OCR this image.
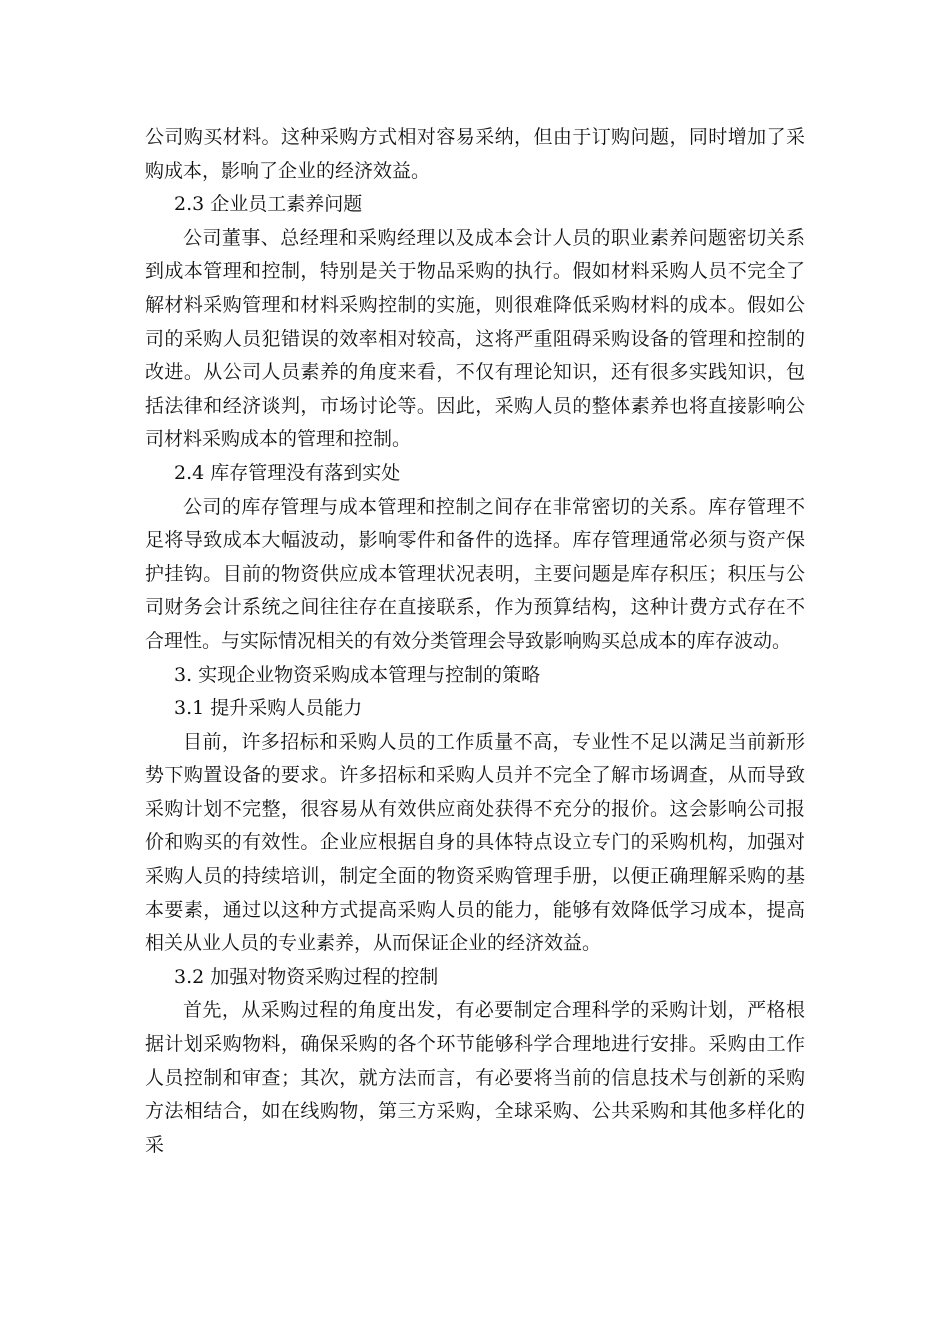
公司购买材料。这种采购方式相对容易采纳，但由于订购问题，同时增加了采购成本，影响了企业的经济效益。

2.3 企业员工素养问题

公司董事、总经理和采购经理以及成本会计人员的职业素养问题密切关系到成本管理和控制，特别是关于物品采购的执行。假如材料采购人员不完全了解材料采购管理和材料采购控制的实施，则很难降低采购材料的成本。假如公司的采购人员犯错误的效率相对较高，这将严重阻碍采购设备的管理和控制的改进。从公司人员素养的角度来看，不仅有理论知识，还有很多实践知识，包括法律和经济谈判，市场讨论等。因此，采购人员的整体素养也将直接影响公司材料采购成本的管理和控制。

2.4 库存管理没有落到实处

公司的库存管理与成本管理和控制之间存在非常密切的关系。库存管理不足将导致成本大幅波动，影响零件和备件的选择。库存管理通常必须与资产保护挂钩。目前的物资供应成本管理状况表明，主要问题是库存积压；积压与公司财务会计系统之间往往存在直接联系，作为预算结构，这种计费方式存在不合理性。与实际情况相关的有效分类管理会导致影响购买总成本的库存波动。

3. 实现企业物资采购成本管理与控制的策略

3.1 提升采购人员能力

目前，许多招标和采购人员的工作质量不高，专业性不足以满足当前新形势下购置设备的要求。许多招标和采购人员并不完全了解市场调查，从而导致采购计划不完整，很容易从有效供应商处获得不充分的报价。这会影响公司报价和购买的有效性。企业应根据自身的具体特点设立专门的采购机构，加强对采购人员的持续培训，制定全面的物资采购管理手册，以便正确理解采购的基本要素，通过以这种方式提高采购人员的能力，能够有效降低学习成本，提高相关从业人员的专业素养，从而保证企业的经济效益。

3.2 加强对物资采购过程的控制

首先，从采购过程的角度出发，有必要制定合理科学的采购计划，严格根据计划采购物料，确保采购的各个环节能够科学合理地进行安排。采购由工作人员控制和审查；其次，就方法而言，有必要将当前的信息技术与创新的采购方法相结合，如在线购物，第三方采购，全球采购、公共采购和其他多样化的采
